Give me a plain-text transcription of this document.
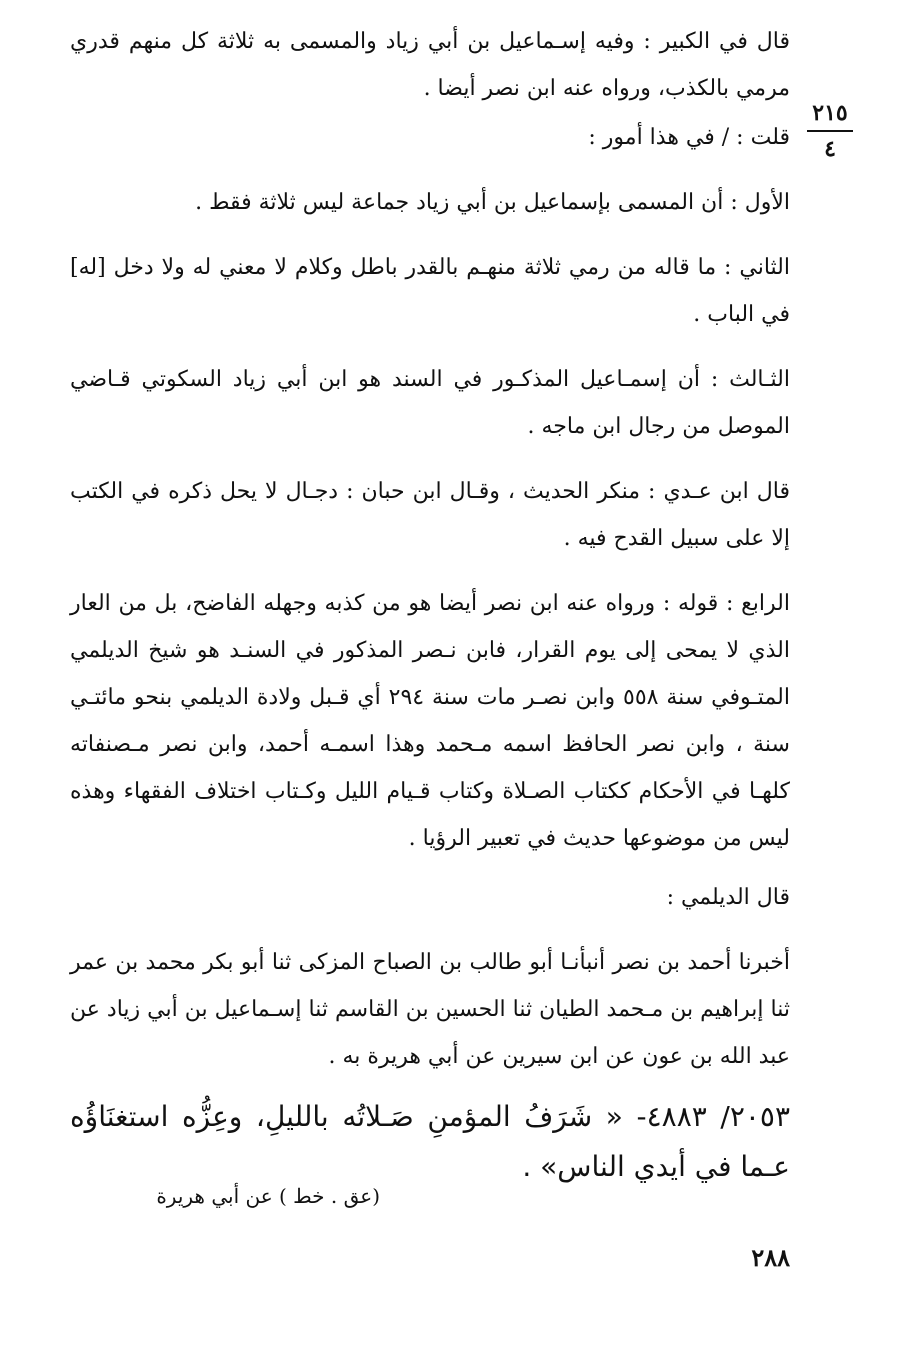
٢١٥
٤

قال في الكبير : وفيه إسـماعيل بن أبي زياد والمسمى به ثلاثة كل منهم قدري مرمي بالكذب، ورواه عنه ابن نصر أيضا .

قلت : / في هذا أمور :

الأول : أن المسمى بإسماعيل بن أبي زياد جماعة ليس ثلاثة فقط .

الثاني : ما قاله من رمي ثلاثة منهـم بالقدر باطل وكلام لا معني له ولا دخل [له] في الباب .

الثـالث : أن إسمـاعيل المذكـور في السند هو ابن أبي زياد السكوتي قـاضي الموصل من رجال ابن ماجه .

قال ابن عـدي : منكر الحديث ، وقـال ابن حبان : دجـال لا يحل ذكره في الكتب إلا على سبيل القدح فيه .

الرابع : قوله : ورواه عنه ابن نصر أيضا هو من كذبه وجهله الفاضح، بل من العار الذي لا يمحى إلى يوم القرار، فابن نـصر المذكور في السنـد هو شيخ الديلمي المتـوفي سنة ٥٥٨ وابن نصـر مات سنة ٢٩٤ أي قـبل ولادة الديلمي بنحو مائتـي سنة ، وابن نصر الحافظ اسمه مـحمد وهذا اسمـه أحمد، وابن نصر مـصنفاته كلهـا في الأحكام ككتاب الصـلاة وكتاب قـيام الليل وكـتاب اختلاف الفقهاء وهذه ليس من موضوعها حديث في تعبير الرؤيا .

قال الديلمي :

أخبرنا أحمد بن نصر أنبأنـا أبو طالب بن الصباح المزكى ثنا أبو بكر محمد بن عمر ثنا إبراهيم بن مـحمد الطيان ثنا الحسين بن القاسم ثنا إسـماعيل بن أبي زياد عن عبد الله بن عون عن ابن سيرين عن أبي هريرة به .

٢٠٥٣/ ٤٨٨٣- « شَرَفُ المؤمنِ صَـلاتُه بالليلِ، وعِزُّه استغنَاؤُه عـما في أيدي الناس» .

(عق . خط ) عن أبي هريرة
٢٨٨
